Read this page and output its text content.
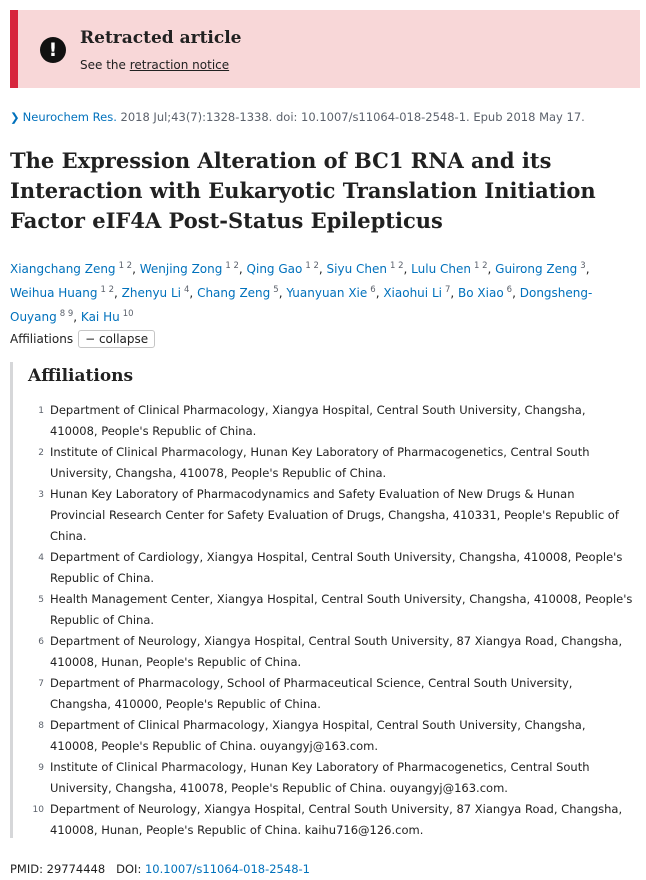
!
Retracted article
See the retraction notice
❯ Neurochem Res. 2018 Jul;43(7):1328-1338. doi: 10.1007/s11064-018-2548-1. Epub 2018 May 17.
The Expression Alteration of BC1 RNA and its Interaction with Eukaryotic Translation Initiation Factor eIF4A Post-Status Epilepticus
Xiangchang Zeng $^{1 2}$, Wenjing Zong $^{1 2}$, Qing Gao $^{1 2}$, Siyu Chen $^{1 2}$, Lulu Chen $^{1 2}$, Guirong Zeng $^3$, Weihua Huang $^{1 2}$, Zhenyu Li $^4$, Chang Zeng $^5$, Yuanyuan Xie $^6$, Xiaohui Li $^7$, Bo Xiao $^6$, Dongsheng-Ouyang $^{8 9}$, Kai Hu $^{10}$
Affiliations	− collapse
Affiliations
1 Department of Clinical Pharmacology, Xiangya Hospital, Central South University, Changsha, 410008, People's Republic of China.
2 Institute of Clinical Pharmacology, Hunan Key Laboratory of Pharmacogenetics, Central South University, Changsha, 410078, People's Republic of China.
3 Hunan Key Laboratory of Pharmacodynamics and Safety Evaluation of New Drugs & Hunan Provincial Research Center for Safety Evaluation of Drugs, Changsha, 410331, People's Republic of China.
4 Department of Cardiology, Xiangya Hospital, Central South University, Changsha, 410008, People's Republic of China.
5 Health Management Center, Xiangya Hospital, Central South University, Changsha, 410008, People's Republic of China.
6 Department of Neurology, Xiangya Hospital, Central South University, 87 Xiangya Road, Changsha, 410008, Hunan, People's Republic of China.
7 Department of Pharmacology, School of Pharmaceutical Science, Central South University, Changsha, 410000, People's Republic of China.
8 Department of Clinical Pharmacology, Xiangya Hospital, Central South University, Changsha, 410008, People's Republic of China. ouyangyj@163.com.
9 Institute of Clinical Pharmacology, Hunan Key Laboratory of Pharmacogenetics, Central South University, Changsha, 410078, People's Republic of China. ouyangyj@163.com.
10 Department of Neurology, Xiangya Hospital, Central South University, 87 Xiangya Road, Changsha, 410008, Hunan, People's Republic of China. kaihu716@126.com.
PMID: 29774448 DOI: 10.1007/s11064-018-2548-1
